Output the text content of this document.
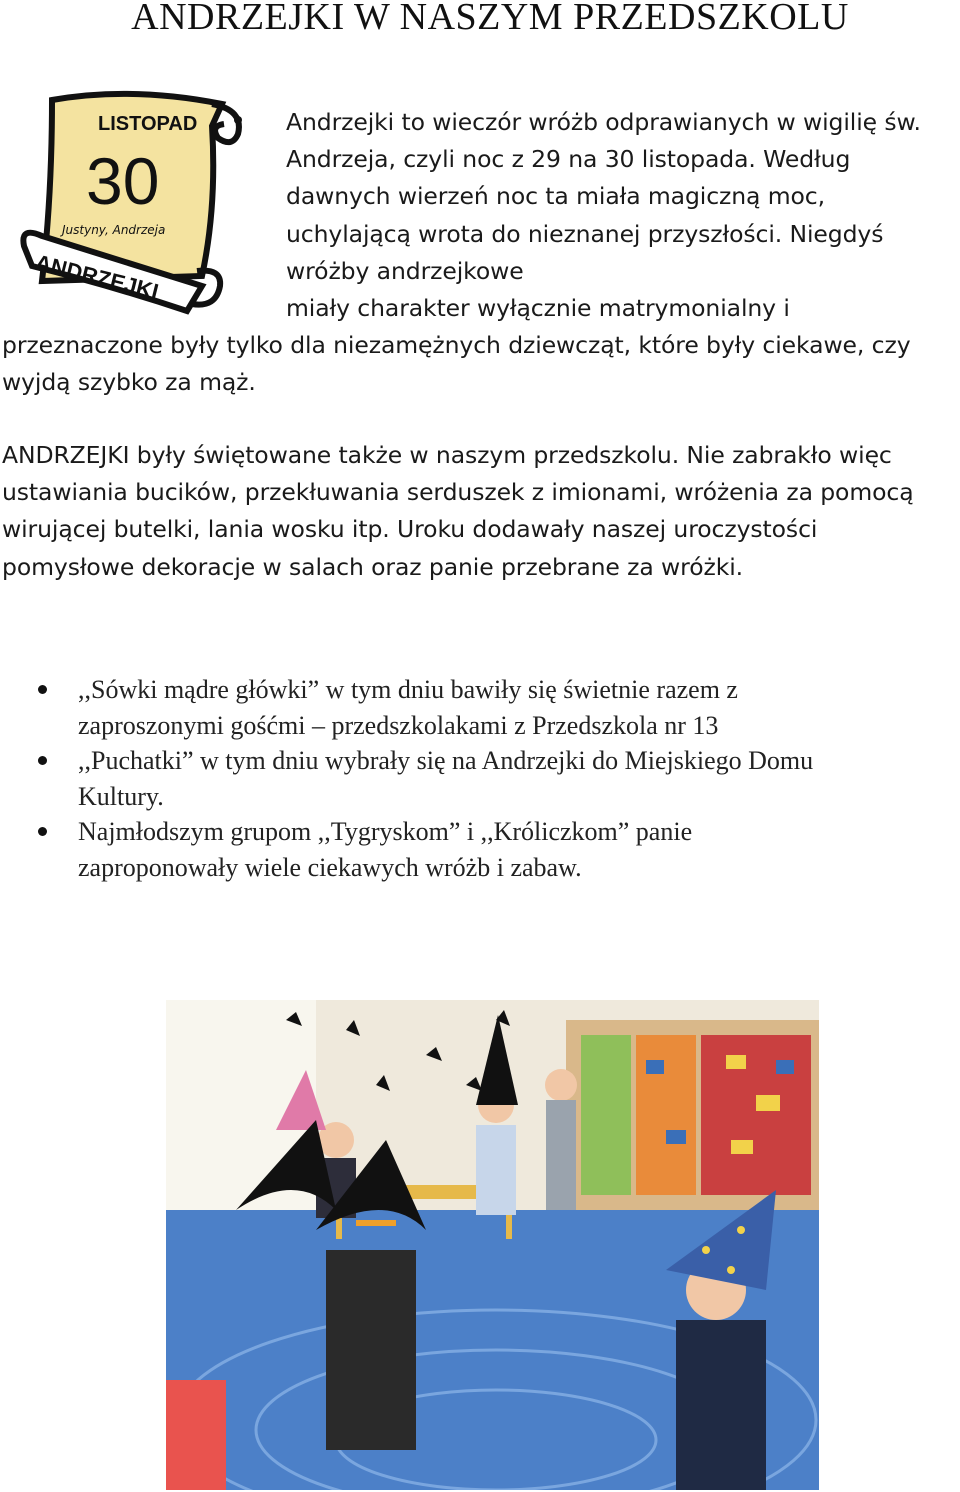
ANDRZEJKI W NASZYM PRZEDSZKOLU
LISTOPAD
30
Justyny, Andrzeja
ANDRZEJKI

Andrzejki to wieczór wróżb odprawianych w wigilię św.
Andrzeja, czyli noc z 29 na 30 listopada. Według
dawnych wierzeń noc ta miała magiczną moc,
uchylającą wrota do nieznanej przyszłości. Niegdyś
wróżby andrzejkowe
miały charakter wyłącznie matrymonialny i

przeznaczone były tylko dla niezamężnych dziewcząt, które były ciekawe, czy
wyjdą szybko za mąż.

ANDRZEJKI były świętowane także w naszym przedszkolu. Nie zabrakło więc
ustawiania bucików, przekłuwania serduszek z imionami, wróżenia za pomocą
wirującej butelki, lania wosku itp. Uroku dodawały naszej uroczystości
pomysłowe dekoracje w salach oraz panie przebrane za wróżki.

,,Sówki mądre główki” w tym dniu bawiły się świetnie razem z
zaproszonymi gośćmi – przedszkolakami z Przedszkola nr 13
,,Puchatki” w tym dniu wybrały się na Andrzejki do Miejskiego Domu
Kultury.
Najmłodszym grupom ,,Tygryskom” i ,,Króliczkom” panie
zaproponowały wiele ciekawych wróżb i zabaw.
